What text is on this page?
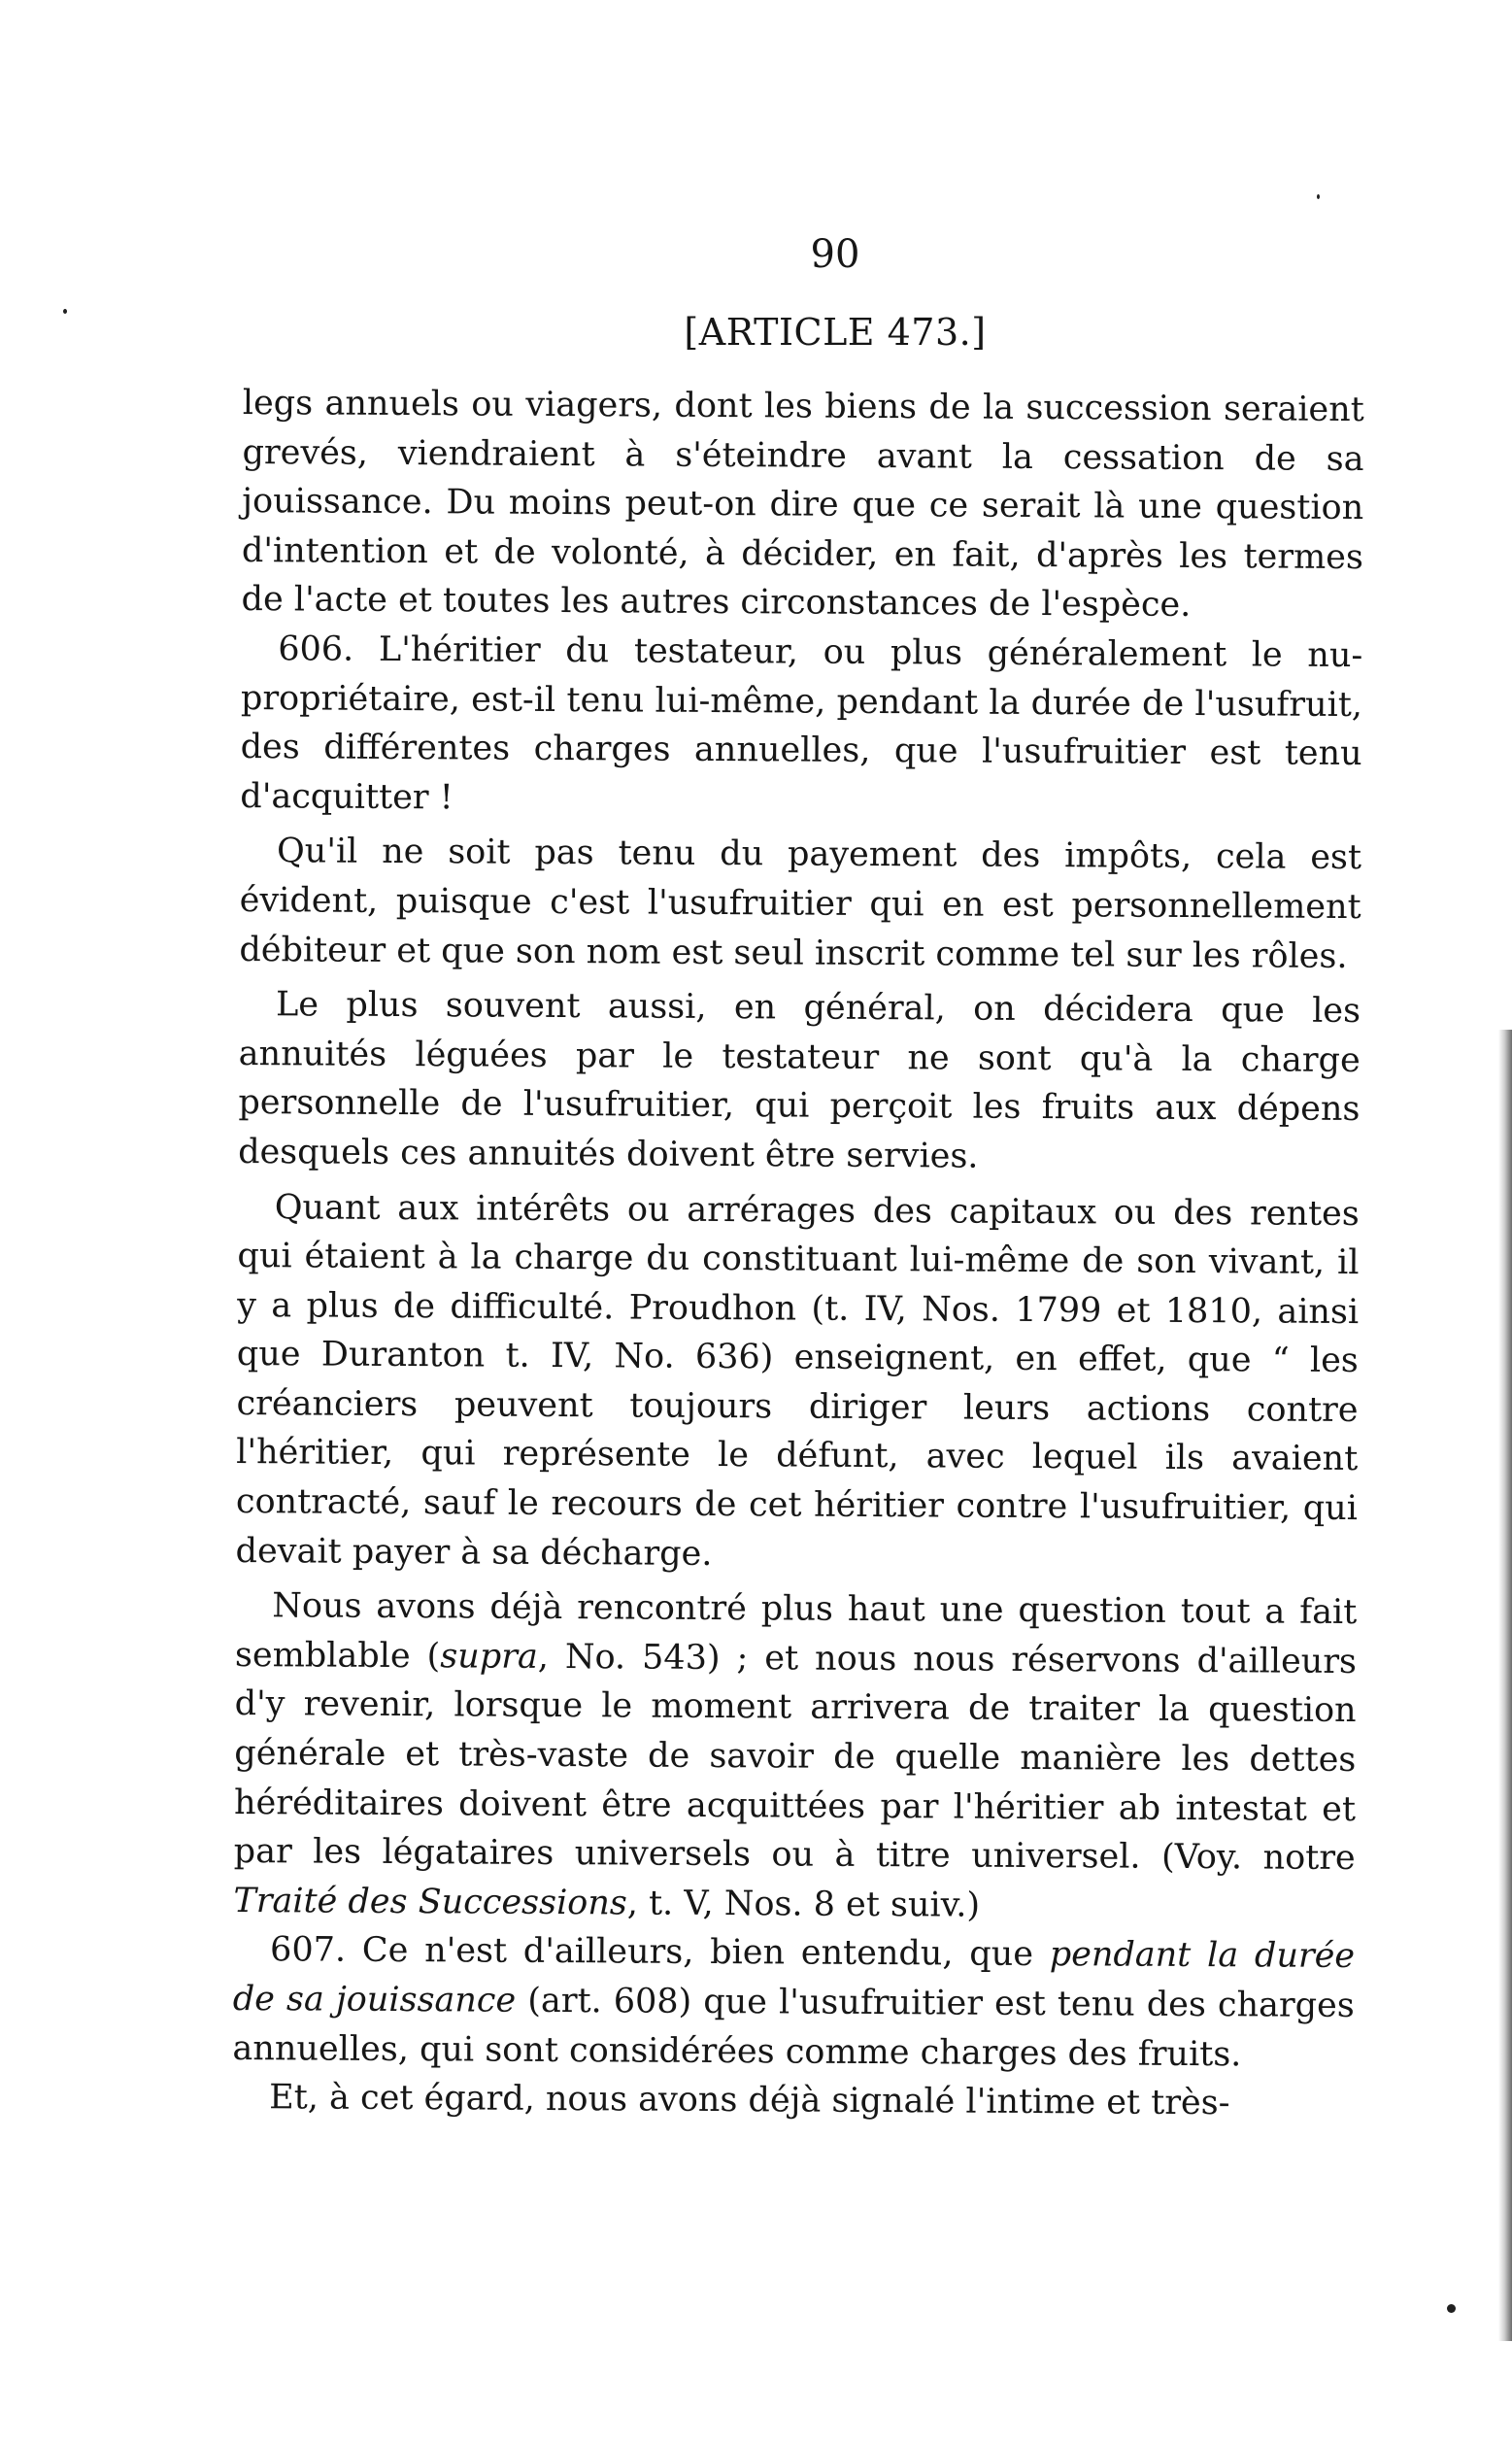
90
[ARTICLE 473.]

legs annuels ou viagers, dont les biens de la succession seraient grevés, viendraient à s'éteindre avant la cessation de sa jouissance. Du moins peut-on dire que ce serait là une question d'intention et de volonté, à décider, en fait, d'après les termes de l'acte et toutes les autres circonstances de l'espèce.

606. L'héritier du testateur, ou plus généralement le nu-propriétaire, est-il tenu lui-même, pendant la durée de l'usufruit, des différentes charges annuelles, que l'usufruitier est tenu d'acquitter !

Qu'il ne soit pas tenu du payement des impôts, cela est évident, puisque c'est l'usufruitier qui en est personnellement débiteur et que son nom est seul inscrit comme tel sur les rôles.

Le plus souvent aussi, en général, on décidera que les annuités léguées par le testateur ne sont qu'à la charge personnelle de l'usufruitier, qui perçoit les fruits aux dépens desquels ces annuités doivent être servies.

Quant aux intérêts ou arrérages des capitaux ou des rentes qui étaient à la charge du constituant lui-même de son vivant, il y a plus de difficulté. Proudhon (t. IV, Nos. 1799 et 1810, ainsi que Duranton t. IV, No. 636) enseignent, en effet, que “ les créanciers peuvent toujours diriger leurs actions contre l'héritier, qui représente le défunt, avec lequel ils avaient contracté, sauf le recours de cet héritier contre l'usufruitier, qui devait payer à sa décharge.

Nous avons déjà rencontré plus haut une question tout a fait semblable (supra, No. 543) ; et nous nous réservons d'ailleurs d'y revenir, lorsque le moment arrivera de traiter la question générale et très-vaste de savoir de quelle manière les dettes héréditaires doivent être acquittées par l'héritier ab intestat et par les légataires universels ou à titre universel. (Voy. notre Traité des Successions, t. V, Nos. 8 et suiv.)

607. Ce n'est d'ailleurs, bien entendu, que pendant la durée de sa jouissance (art. 608) que l'usufruitier est tenu des charges annuelles, qui sont considérées comme charges des fruits.

Et, à cet égard, nous avons déjà signalé l'intime et très-
